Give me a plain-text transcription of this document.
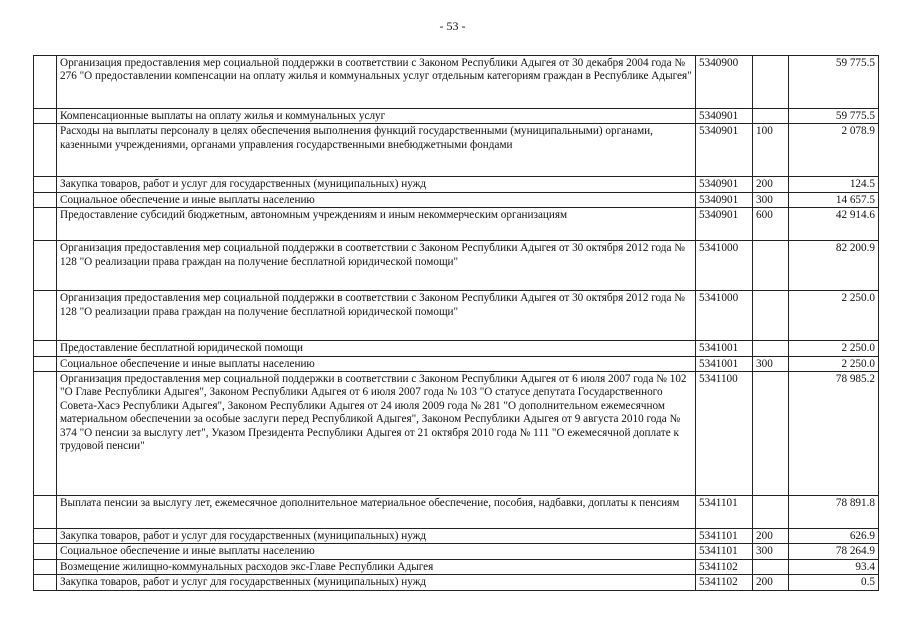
- 53 -
	Организация предоставления мер социальной поддержки в соответствии с Законом Республики Адыгея от 30 декабря 2004 года № 276 "О предоставлении компенсации на оплату жилья и коммунальных услуг отдельным категориям граждан в Республике Адыгея"	5340900		59 775.5
	Компенсационные выплаты на оплату жилья и коммунальных услуг	5340901		59 775.5
	Расходы на выплаты персоналу в целях обеспечения выполнения функций государственными (муниципальными) органами, казенными учреждениями, органами управления государственными внебюджетными фондами	5340901	100	2 078.9
	Закупка товаров, работ и услуг для государственных (муниципальных) нужд	5340901	200	124.5
	Социальное обеспечение и иные выплаты населению	5340901	300	14 657.5
	Предоставление субсидий бюджетным, автономным учреждениям и иным некоммерческим организациям	5340901	600	42 914.6
	Организация предоставления мер социальной поддержки в соответствии с Законом Республики Адыгея от 30 октября 2012 года № 128 "О реализации права граждан на получение бесплатной юридической помощи"	5341000		82 200.9
	Организация предоставления мер социальной поддержки в соответствии с Законом Республики Адыгея от 30 октября 2012 года № 128 "О реализации права граждан на получение бесплатной юридической помощи"	5341000		2 250.0
	Предоставление бесплатной юридической помощи	5341001		2 250.0
	Социальное обеспечение и иные выплаты населению	5341001	300	2 250.0
	Организация предоставления мер социальной поддержки в соответствии с Законом Республики Адыгея от 6 июля 2007 года № 102 "О Главе Республики Адыгея", Законом Республики Адыгея от 6 июля 2007 года № 103 "О статусе депутата Государственного Совета-Хасэ Республики Адыгея", Законом Республики Адыгея от 24 июля 2009 года № 281 "О дополнительном ежемесячном материальном обеспечении за особые заслуги перед Республикой Адыгея", Законом Республики Адыгея от 9 августа 2010 года № 374 "О пенсии за выслугу лет", Указом Президента Республики Адыгея от 21 октября 2010 года № 111 "О ежемесячной доплате к трудовой пенсии"	5341100		78 985.2
	Выплата пенсии за выслугу лет, ежемесячное дополнительное материальное обеспечение, пособия, надбавки, доплаты к пенсиям	5341101		78 891.8
	Закупка товаров, работ и услуг для государственных (муниципальных) нужд	5341101	200	626.9
	Социальное обеспечение и иные выплаты населению	5341101	300	78 264.9
	Возмещение жилищно-коммунальных расходов экс-Главе Республики Адыгея	5341102		93.4
	Закупка товаров, работ и услуг для государственных (муниципальных) нужд	5341102	200	0.5
